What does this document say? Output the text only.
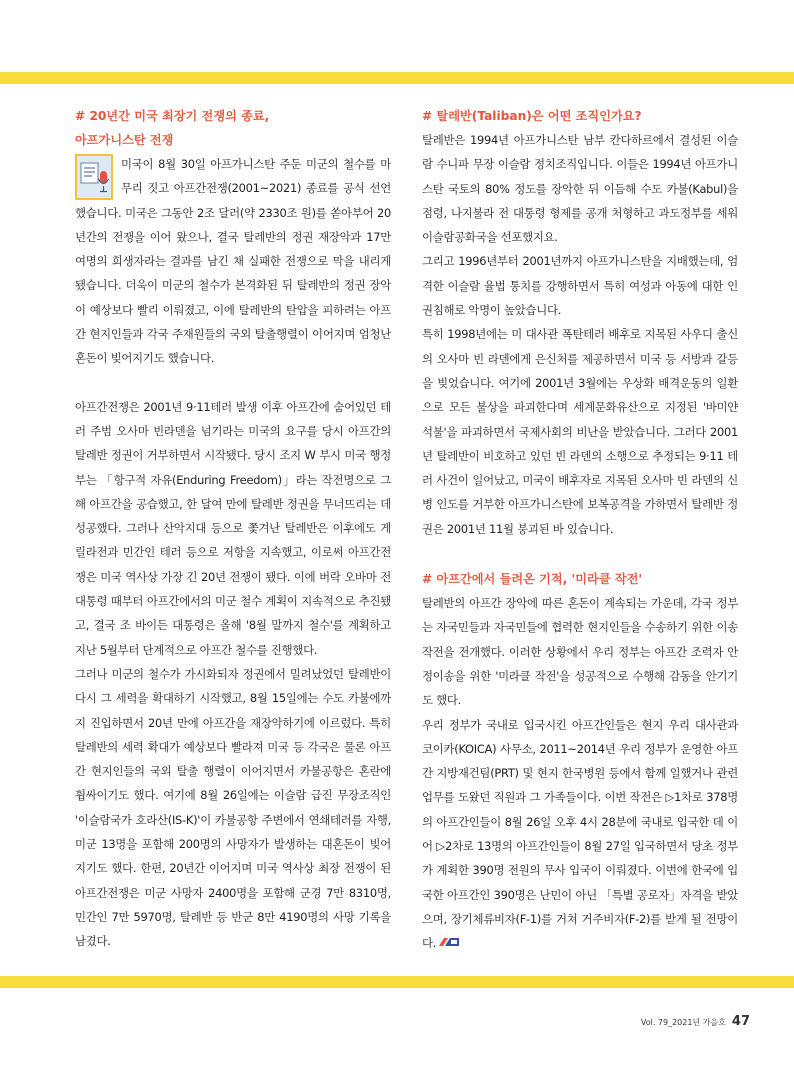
# 20년간 미국 최장기 전쟁의 종료,
아프가니스탄 전쟁

미국이 8월 30일 아프가니스탄 주둔 미군의 철수를 마무리 짓고 아프간전쟁(2001~2021) 종료를 공식 선언했습니다. 미국은 그동안 2조 달러(약 2330조 원)를 쏟아부어 20년간의 전쟁을 이어 왔으나, 결국 탈레반의 정권 재장악과 17만 여명의 희생자라는 결과를 남긴 채 실패한 전쟁으로 막을 내리게 됐습니다. 더욱이 미군의 철수가 본격화된 뒤 탈레반의 정권 장악이 예상보다 빨리 이뤄졌고, 이에 탈레반의 탄압을 피하려는 아프간 현지인들과 각국 주재원들의 국외 탈출행렬이 이어지며 엄청난 혼돈이 빚어지기도 했습니다.

아프간전쟁은 2001년 9·11테러 발생 이후 아프간에 숨어있던 테러 주범 오사마 빈라덴을 넘기라는 미국의 요구를 당시 아프간의 탈레반 정권이 거부하면서 시작됐다. 당시 조지 W 부시 미국 행정부는 「항구적 자유(Enduring Freedom)」라는 작전명으로 그해 아프간을 공습했고, 한 달여 만에 탈레반 정권을 무너뜨리는 데 성공했다. 그러나 산악지대 등으로 쫓겨난 탈레반은 이후에도 게릴라전과 민간인 테러 등으로 저항을 지속했고, 이로써 아프간전쟁은 미국 역사상 가장 긴 20년 전쟁이 됐다. 이에 버락 오바마 전 대통령 때부터 아프간에서의 미군 철수 계획이 지속적으로 추진됐고, 결국 조 바이든 대통령은 올해 '8월 말까지 철수'를 계획하고 지난 5월부터 단계적으로 아프간 철수를 진행했다.

그러나 미군의 철수가 가시화되자 정권에서 밀려났었던 탈레반이 다시 그 세력을 확대하기 시작했고, 8월 15일에는 수도 카불에까지 진입하면서 20년 만에 아프간을 재장악하기에 이르렀다. 특히 탈레반의 세력 확대가 예상보다 빨라져 미국 등 각국은 물론 아프간 현지인들의 국외 탈출 행렬이 이어지면서 카불공항은 혼란에 휩싸이기도 했다. 여기에 8월 26일에는 이슬람 급진 무장조직인 '이슬람국가 호라산(IS-K)'이 카불공항 주변에서 연쇄테러를 자행, 미군 13명을 포함해 200명의 사망자가 발생하는 대혼돈이 빚어지기도 했다. 한편, 20년간 이어지며 미국 역사상 최장 전쟁이 된 아프간전쟁은 미군 사망자 2400명을 포함해 군경 7만 8310명, 민간인 7만 5970명, 탈레반 등 반군 8만 4190명의 사망 기록을 남겼다.

# 탈레반(Taliban)은 어떤 조직인가요?

탈레반은 1994년 아프가니스탄 남부 칸다하르에서 결성된 이슬람 수니파 무장 이슬람 정치조직입니다. 이들은 1994년 아프가니스탄 국토의 80% 정도를 장악한 뒤 이듬해 수도 카불(Kabul)을 점령, 나지불라 전 대통령 형제를 공개 처형하고 과도정부를 세워 이슬람공화국을 선포했지요.

그리고 1996년부터 2001년까지 아프가니스탄을 지배했는데, 엄격한 이슬람 율법 통치를 강행하면서 특히 여성과 아동에 대한 인권침해로 악명이 높았습니다.

특히 1998년에는 미 대사관 폭탄테러 배후로 지목된 사우디 출신의 오사마 빈 라덴에게 은신처를 제공하면서 미국 등 서방과 갈등을 빚었습니다. 여기에 2001년 3월에는 우상화 배격운동의 일환으로 모든 불상을 파괴한다며 세계문화유산으로 지정된 '바미얀 석불'을 파괴하면서 국제사회의 비난을 받았습니다. 그러다 2001년 탈레반이 비호하고 있던 빈 라덴의 소행으로 추정되는 9·11 테러 사건이 일어났고, 미국이 배후자로 지목된 오사마 빈 라덴의 신병 인도를 거부한 아프가니스탄에 보복공격을 가하면서 탈레반 정권은 2001년 11월 붕괴된 바 있습니다.

# 아프간에서 들려온 기적, '미라클 작전'

탈레반의 아프간 장악에 따른 혼돈이 계속되는 가운데, 각국 정부는 자국민들과 자국민들에 협력한 현지인들을 수송하기 위한 이송작전을 전개했다. 이러한 상황에서 우리 정부는 아프간 조력자 안정이송을 위한 '미라클 작전'을 성공적으로 수행해 감동을 안기기도 했다.

우리 정부가 국내로 입국시킨 아프간인들은 현지 우리 대사관과 코이카(KOICA) 사무소, 2011~2014년 우리 정부가 운영한 아프간 지방재건팀(PRT) 및 현지 한국병원 등에서 함께 일했거나 관련 업무를 도왔던 직원과 그 가족들이다. 이번 작전은 ▷1차로 378명의 아프간인들이 8월 26일 오후 4시 28분에 국내로 입국한 데 이어 ▷2차로 13명의 아프간인들이 8월 27일 입국하면서 당초 정부가 계획한 390명 전원의 무사 입국이 이뤄졌다. 이번에 한국에 입국한 아프간인 390명은 난민이 아닌 「특별 공로자」자격을 받았으며, 장기체류비자(F-1)를 거쳐 거주비자(F-2)를 받게 될 전망이다.

Vol. 79_2021년 가을호 47
